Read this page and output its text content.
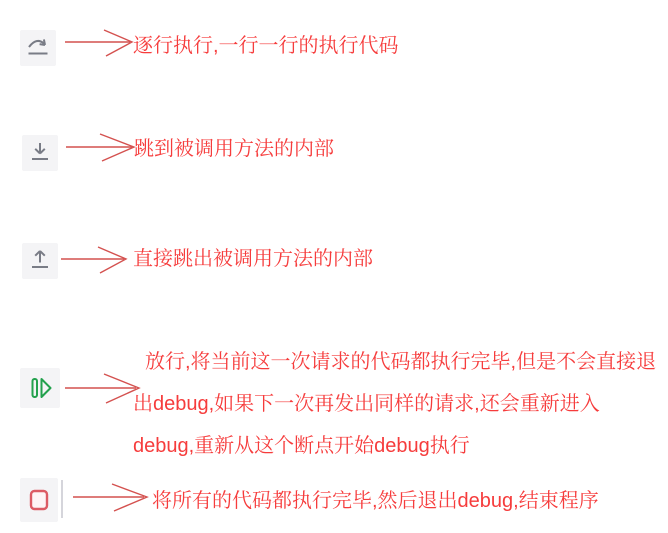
逐行执行,一行一行的执行代码
跳到被调用方法的内部
直接跳出被调用方法的内部
放行,将当前这一次请求的代码都执行完毕,但是不会直接退
出debug,如果下一次再发出同样的请求,还会重新进入
debug,重新从这个断点开始debug执行
将所有的代码都执行完毕,然后退出debug,结束程序
